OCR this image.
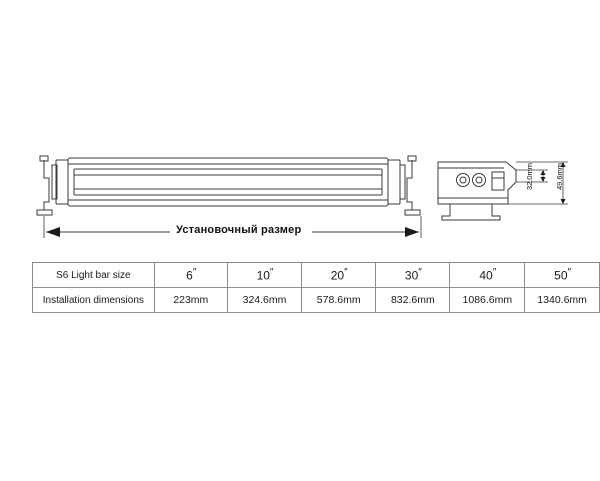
Установочный размер
32.0mm	49.6mm
S6 Light bar size	6″	10″	20″	30″	40″	50″
Installation dimensions	223mm	324.6mm	578.6mm	832.6mm	1086.6mm	1340.6mm
